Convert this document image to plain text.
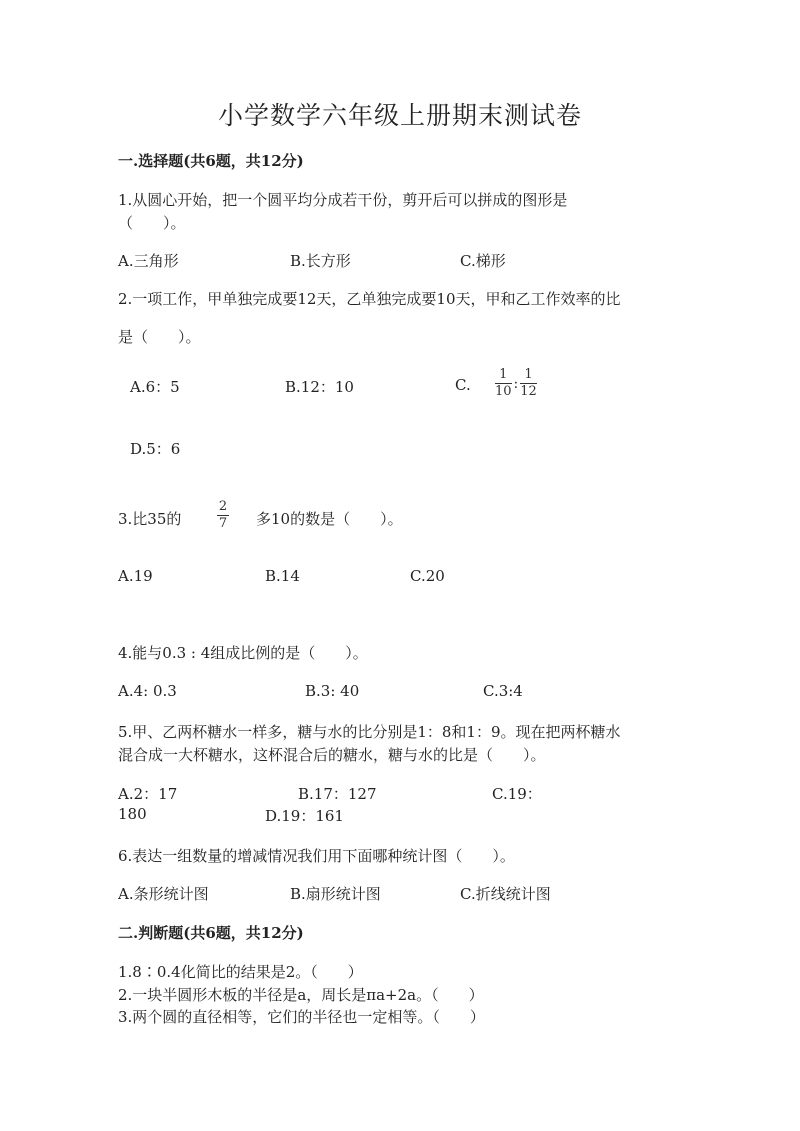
小学数学六年级上册期末测试卷
一.选择题(共6题，共12分)
1.从圆心开始，把一个圆平均分成若干份，剪开后可以拼成的图形是
（　　）。
A.三角形	B.长方形	C.梯形
2.一项工作，甲单独完成要12天，乙单独完成要10天，甲和乙工作效率的比
是（　　）。
A.6：5	B.12：10	C. $\frac{1}{10}$ : $\frac{1}{12}$
D.5：6
3.比35的
2
7 多10的数是（　　）。
A.19	B.14	C.20
4.能与0.3 : 4组成比例的是（　　）。
A.4: 0.3	B.3: 40	C.3:4
5.甲、乙两杯糖水一样多，糖与水的比分别是1：8和1：9。现在把两杯糖水
混合成一大杯糖水，这杯混合后的糖水，糖与水的比是（　　）。
A.2：17	B.17：127	C.19：
180	D.19：161
6.表达一组数量的增减情况我们用下面哪种统计图（　　）。
A.条形统计图	B.扇形统计图	C.折线统计图
二.判断题(共6题，共12分)
1.8∶0.4化简比的结果是2。（　　）
2.一块半圆形木板的半径是a，周长是πa+2a。（　　）
3.两个圆的直径相等，它们的半径也一定相等。（　　）
